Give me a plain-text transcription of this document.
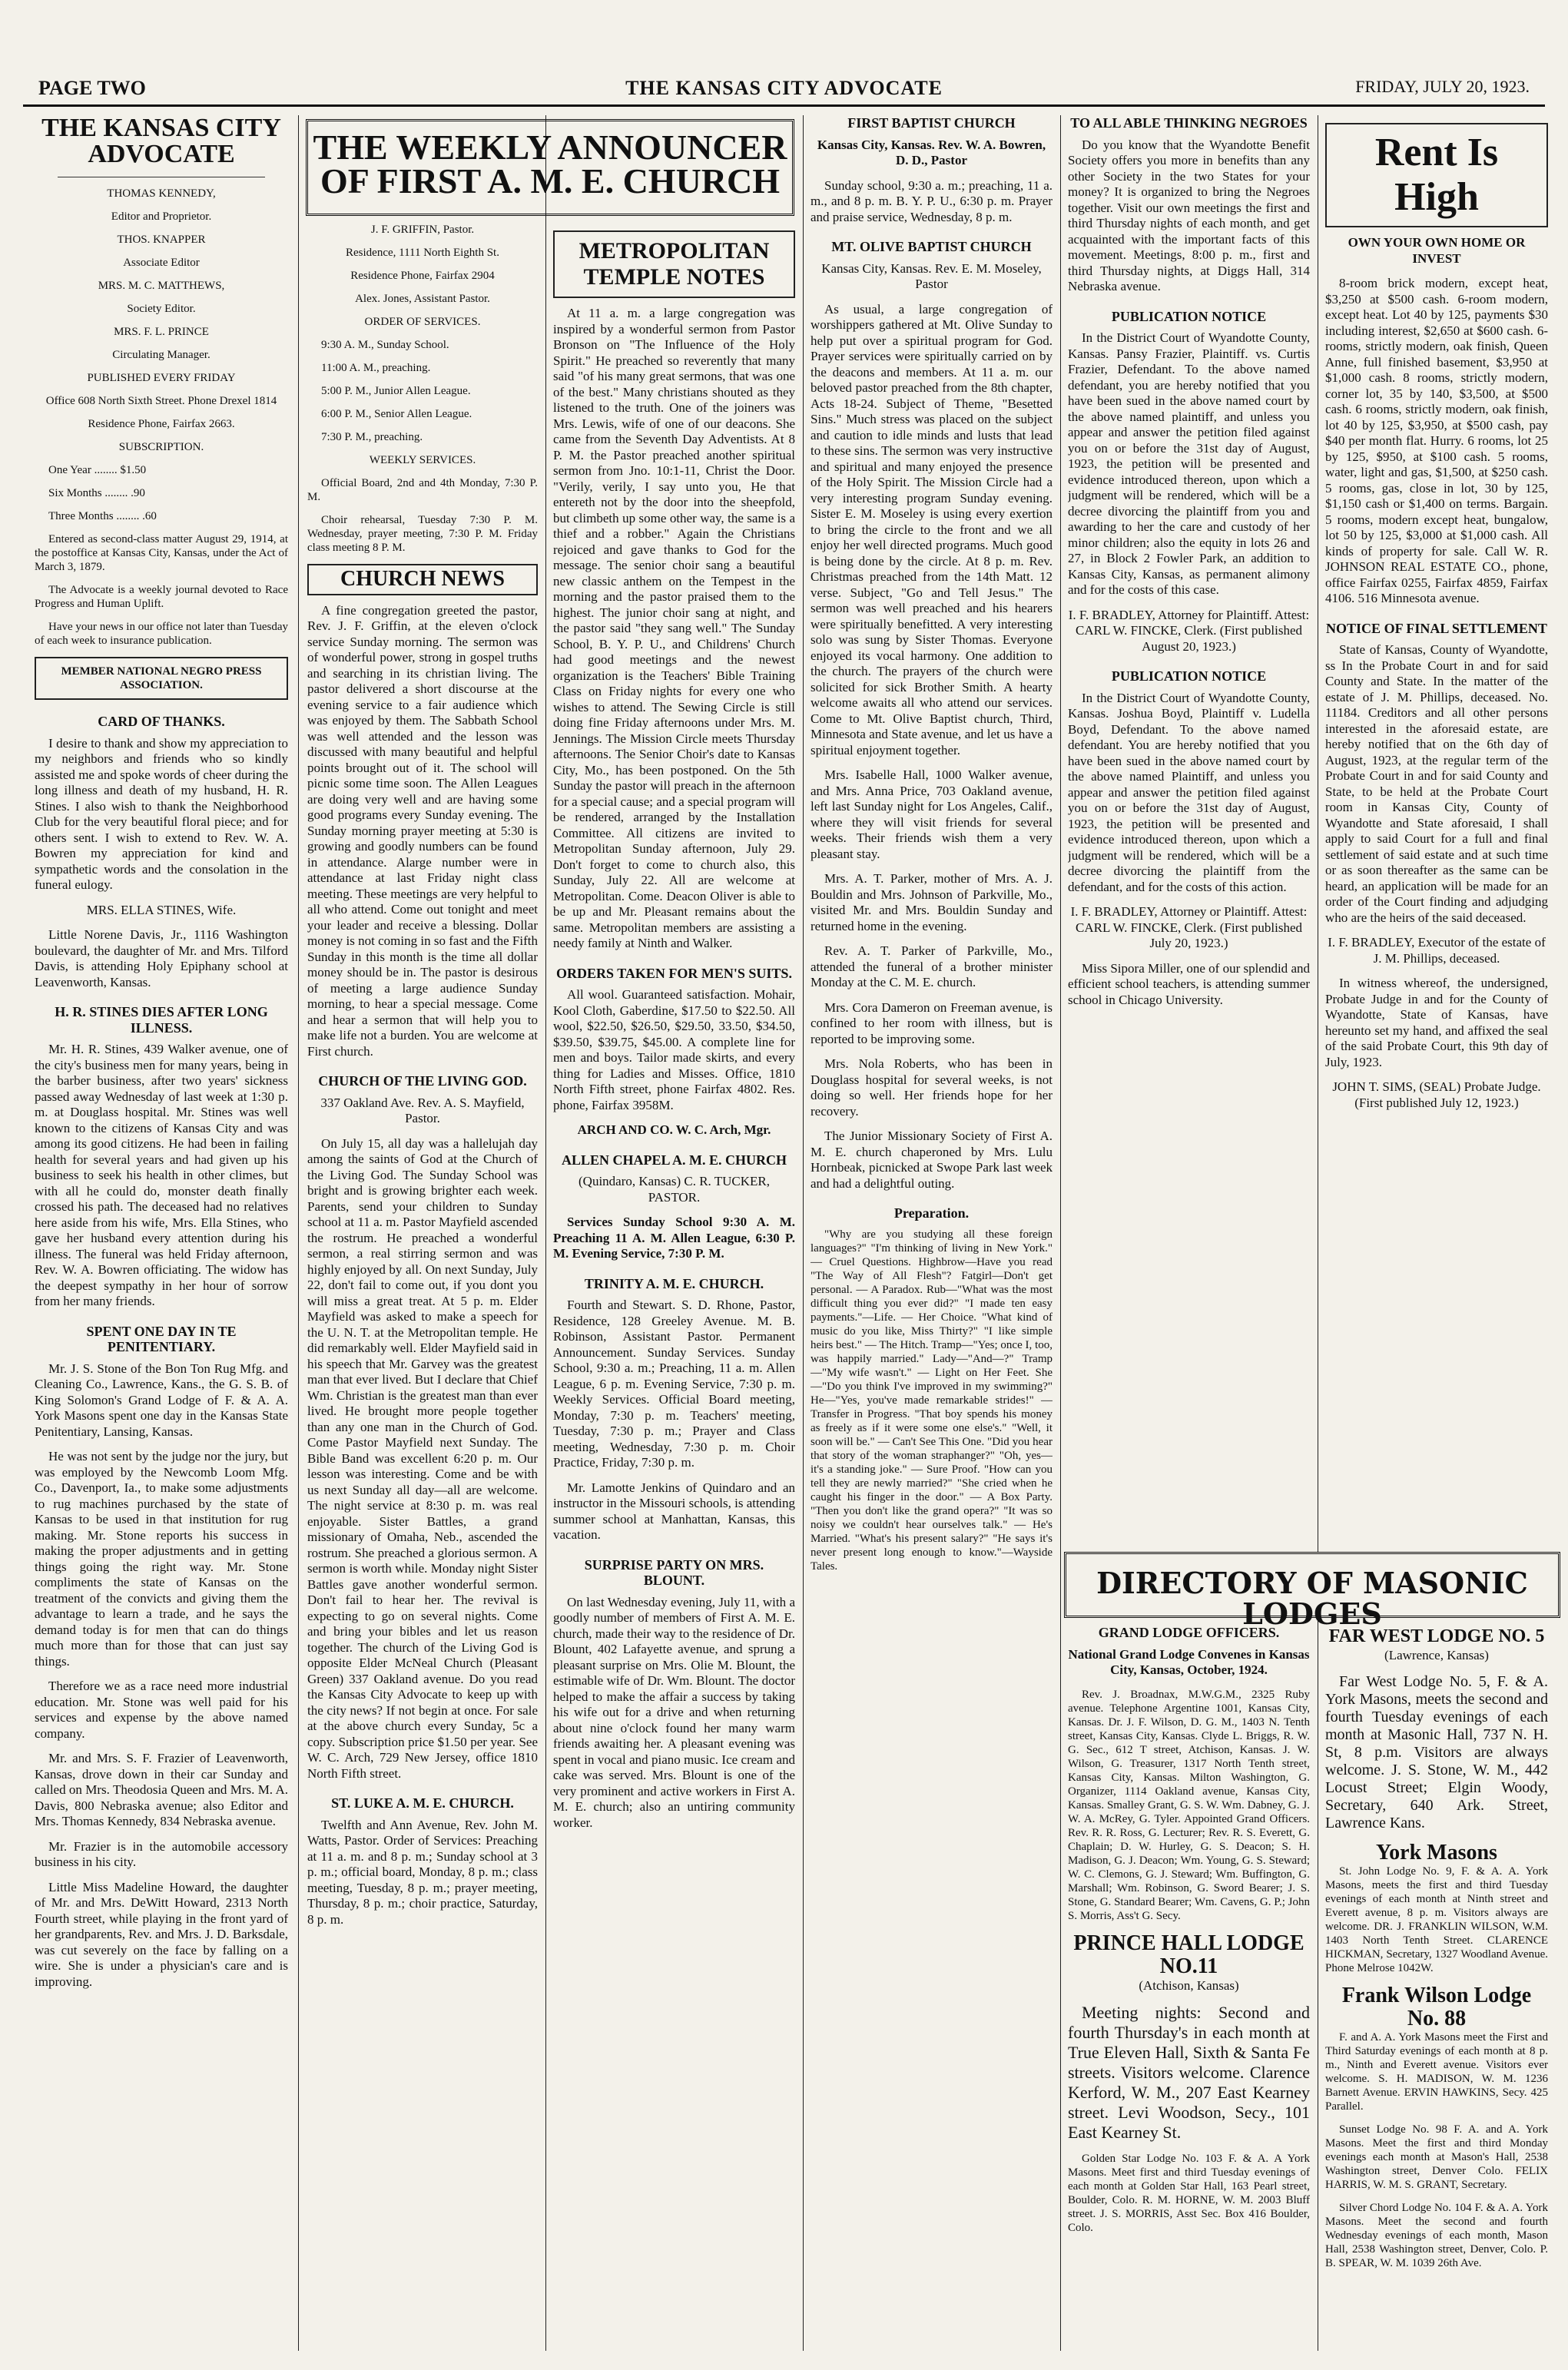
PAGE TWO	THE KANSAS CITY ADVOCATE	FRIDAY, JULY 20, 1923.
THE KANSAS CITY ADVOCATE

THOMAS KENNEDY,

Editor and Proprietor.

THOS. KNAPPER

Associate Editor

MRS. M. C. MATTHEWS,

Society Editor.

MRS. F. L. PRINCE

Circulating Manager.

PUBLISHED EVERY FRIDAY

Office 608 North Sixth Street. Phone Drexel 1814

Residence Phone, Fairfax 2663.

SUBSCRIPTION.

One Year ........ $1.50

Six Months ........ .90

Three Months ........ .60

Entered as second-class matter August 29, 1914, at the postoffice at Kansas City, Kansas, under the Act of March 3, 1879.

The Advocate is a weekly journal devoted to Race Progress and Human Uplift.

Have your news in our office not later than Tuesday of each week to insurance publication.

MEMBER NATIONAL NEGRO PRESS ASSOCIATION.
CARD OF THANKS.

I desire to thank and show my appreciation to my neighbors and friends who so kindly assisted me and spoke words of cheer during the long illness and death of my husband, H. R. Stines. I also wish to thank the Neighborhood Club for the very beautiful floral piece; and for others sent. I wish to extend to Rev. W. A. Bowren my appreciation for kind and sympathetic words and the consolation in the funeral eulogy.

MRS. ELLA STINES, Wife.

Little Norene Davis, Jr., 1116 Washington boulevard, the daughter of Mr. and Mrs. Tilford Davis, is attending Holy Epiphany school at Leavenworth, Kansas.

H. R. STINES DIES AFTER LONG ILLNESS.

Mr. H. R. Stines, 439 Walker avenue, one of the city's business men for many years, being in the barber business, after two years' sickness passed away Wednesday of last week at 1:30 p. m. at Douglass hospital. Mr. Stines was well known to the citizens of Kansas City and was among its good citizens. He had been in failing health for several years and had given up his business to seek his health in other climes, but with all he could do, monster death finally crossed his path. The deceased had no relatives here aside from his wife, Mrs. Ella Stines, who gave her husband every attention during his illness. The funeral was held Friday afternoon, Rev. W. A. Bowren officiating. The widow has the deepest sympathy in her hour of sorrow from her many friends.

SPENT ONE DAY IN TE PENITENTIARY.

Mr. J. S. Stone of the Bon Ton Rug Mfg. and Cleaning Co., Lawrence, Kans., the G. S. B. of King Solomon's Grand Lodge of F. & A. A. York Masons spent one day in the Kansas State Penitentiary, Lansing, Kansas.

He was not sent by the judge nor the jury, but was employed by the Newcomb Loom Mfg. Co., Davenport, Ia., to make some adjustments to rug machines purchased by the state of Kansas to be used in that institution for rug making. Mr. Stone reports his success in making the proper adjustments and in getting things going the right way. Mr. Stone compliments the state of Kansas on the treatment of the convicts and giving them the advantage to learn a trade, and he says the demand today is for men that can do things much more than for those that can just say things.

Therefore we as a race need more industrial education. Mr. Stone was well paid for his services and expense by the above named company.

Mr. and Mrs. S. F. Frazier of Leavenworth, Kansas, drove down in their car Sunday and called on Mrs. Theodosia Queen and Mrs. M. A. Davis, 800 Nebraska avenue; also Editor and Mrs. Thomas Kennedy, 834 Nebraska avenue.

Mr. Frazier is in the automobile accessory business in his city.

Little Miss Madeline Howard, the daughter of Mr. and Mrs. DeWitt Howard, 2313 North Fourth street, while playing in the front yard of her grandparents, Rev. and Mrs. J. D. Barksdale, was cut severely on the face by falling on a wire. She is under a physician's care and is improving.

THE WEEKLY ANNOUNCER OF FIRST A. M. E. CHURCH

J. F. GRIFFIN, Pastor.

Residence, 1111 North Eighth St.

Residence Phone, Fairfax 2904

Alex. Jones, Assistant Pastor.

ORDER OF SERVICES.

9:30 A. M., Sunday School.

11:00 A. M., preaching.

5:00 P. M., Junior Allen League.

6:00 P. M., Senior Allen League.

7:30 P. M., preaching.

WEEKLY SERVICES.

Official Board, 2nd and 4th Monday, 7:30 P. M.

Choir rehearsal, Tuesday 7:30 P. M. Wednesday, prayer meeting, 7:30 P. M. Friday class meeting 8 P. M.

CHURCH NEWS

A fine congregation greeted the pastor, Rev. J. F. Griffin, at the eleven o'clock service Sunday morning. The sermon was of wonderful power, strong in gospel truths and searching in its christian living. The pastor delivered a short discourse at the evening service to a fair audience which was enjoyed by them. The Sabbath School was well attended and the lesson was discussed with many beautiful and helpful points brought out of it. The school will picnic some time soon. The Allen Leagues are doing very well and are having some good programs every Sunday evening. The Sunday morning prayer meeting at 5:30 is growing and goodly numbers can be found in attendance. Alarge number were in attendance at last Friday night class meeting. These meetings are very helpful to all who attend. Come out tonight and meet your leader and receive a blessing. Dollar money is not coming in so fast and the Fifth Sunday in this month is the time all dollar money should be in. The pastor is desirous of meeting a large audience Sunday morning, to hear a special message. Come and hear a sermon that will help you to make life not a burden. You are welcome at First church.

CHURCH OF THE LIVING GOD.

337 Oakland Ave. Rev. A. S. Mayfield, Pastor.

On July 15, all day was a hallelujah day among the saints of God at the Church of the Living God. The Sunday School was bright and is growing brighter each week. Parents, send your children to Sunday school at 11 a. m. Pastor Mayfield ascended the rostrum. He preached a wonderful sermon, a real stirring sermon and was highly enjoyed by all. On next Sunday, July 22, don't fail to come out, if you dont you will miss a great treat. At 5 p. m. Elder Mayfield was asked to make a speech for the U. N. T. at the Metropolitan temple. He did remarkably well. Elder Mayfield said in his speech that Mr. Garvey was the greatest man that ever lived. But I declare that Chief Wm. Christian is the greatest man than ever lived. He brought more people together than any one man in the Church of God. Come Pastor Mayfield next Sunday. The Bible Band was excellent 6:20 p. m. Our lesson was interesting. Come and be with us next Sunday all day—all are welcome. The night service at 8:30 p. m. was real enjoyable. Sister Battles, a grand missionary of Omaha, Neb., ascended the rostrum. She preached a glorious sermon. A sermon is worth while. Monday night Sister Battles gave another wonderful sermon. Don't fail to hear her. The revival is expecting to go on several nights. Come and bring your bibles and let us reason together. The church of the Living God is opposite Elder McNeal Church (Pleasant Green) 337 Oakland avenue. Do you read the Kansas City Advocate to keep up with the city news? If not begin at once. For sale at the above church every Sunday, 5c a copy. Subscription price $1.50 per year. See W. C. Arch, 729 New Jersey, office 1810 North Fifth street.

ST. LUKE A. M. E. CHURCH.

Twelfth and Ann Avenue, Rev. John M. Watts, Pastor. Order of Services: Preaching at 11 a. m. and 8 p. m.; Sunday school at 3 p. m.; official board, Monday, 8 p. m.; class meeting, Tuesday, 8 p. m.; prayer meeting, Thursday, 8 p. m.; choir practice, Saturday, 8 p. m.

METROPOLITAN TEMPLE NOTES

At 11 a. m. a large congregation was inspired by a wonderful sermon from Pastor Bronson on "The Influence of the Holy Spirit." He preached so reverently that many said "of his many great sermons, that was one of the best." Many christians shouted as they listened to the truth. One of the joiners was Mrs. Lewis, wife of one of our deacons. She came from the Seventh Day Adventists. At 8 P. M. the Pastor preached another spiritual sermon from Jno. 10:1-11, Christ the Door. "Verily, verily, I say unto you, He that entereth not by the door into the sheepfold, but climbeth up some other way, the same is a thief and a robber." Again the Christians rejoiced and gave thanks to God for the message. The senior choir sang a beautiful new classic anthem on the Tempest in the morning and the pastor praised them to the highest. The junior choir sang at night, and the pastor said "they sang well." The Sunday School, B. Y. P. U., and Childrens' Church had good meetings and the newest organization is the Teachers' Bible Training Class on Friday nights for every one who wishes to attend. The Sewing Circle is still doing fine Friday afternoons under Mrs. M. Jennings. The Mission Circle meets Thursday afternoons. The Senior Choir's date to Kansas City, Mo., has been postponed. On the 5th Sunday the pastor will preach in the afternoon for a special cause; and a special program will be rendered, arranged by the Installation Committee. All citizens are invited to Metropolitan Sunday afternoon, July 29. Don't forget to come to church also, this Sunday, July 22. All are welcome at Metropolitan. Come. Deacon Oliver is able to be up and Mr. Pleasant remains about the same. Metropolitan members are assisting a needy family at Ninth and Walker.

ORDERS TAKEN FOR MEN'S SUITS.

All wool. Guaranteed satisfaction. Mohair, Kool Cloth, Gaberdine, $17.50 to $22.50. All wool, $22.50, $26.50, $29.50, 33.50, $34.50, $39.50, $39.75, $45.00. A complete line for men and boys. Tailor made skirts, and every thing for Ladies and Misses. Office, 1810 North Fifth street, phone Fairfax 4802. Res. phone, Fairfax 3958M.

ARCH AND CO. W. C. Arch, Mgr.

ALLEN CHAPEL A. M. E. CHURCH

(Quindaro, Kansas) C. R. TUCKER, PASTOR.

Services Sunday School 9:30 A. M. Preaching 11 A. M. Allen League, 6:30 P. M. Evening Service, 7:30 P. M.

TRINITY A. M. E. CHURCH.

Fourth and Stewart. S. D. Rhone, Pastor, Residence, 128 Greeley Avenue. M. B. Robinson, Assistant Pastor. Permanent Announcement. Sunday Services. Sunday School, 9:30 a. m.; Preaching, 11 a. m. Allen League, 6 p. m. Evening Service, 7:30 p. m. Weekly Services. Official Board meeting, Monday, 7:30 p. m. Teachers' meeting, Tuesday, 7:30 p. m.; Prayer and Class meeting, Wednesday, 7:30 p. m. Choir Practice, Friday, 7:30 p. m.

Mr. Lamotte Jenkins of Quindaro and an instructor in the Missouri schools, is attending summer school at Manhattan, Kansas, this vacation.

SURPRISE PARTY ON MRS. BLOUNT.

On last Wednesday evening, July 11, with a goodly number of members of First A. M. E. church, made their way to the residence of Dr. Blount, 402 Lafayette avenue, and sprung a pleasant surprise on Mrs. Olie M. Blount, the estimable wife of Dr. Wm. Blount. The doctor helped to make the affair a success by taking his wife out for a drive and when returning about nine o'clock found her many warm friends awaiting her. A pleasant evening was spent in vocal and piano music. Ice cream and cake was served. Mrs. Blount is one of the very prominent and active workers in First A. M. E. church; also an untiring community worker.

FIRST BAPTIST CHURCH

Kansas City, Kansas. Rev. W. A. Bowren, D. D., Pastor

Sunday school, 9:30 a. m.; preaching, 11 a. m., and 8 p. m. B. Y. P. U., 6:30 p. m. Prayer and praise service, Wednesday, 8 p. m.

MT. OLIVE BAPTIST CHURCH

Kansas City, Kansas. Rev. E. M. Moseley, Pastor

As usual, a large congregation of worshippers gathered at Mt. Olive Sunday to help put over a spiritual program for God. Prayer services were spiritually carried on by the deacons and members. At 11 a. m. our beloved pastor preached from the 8th chapter, Acts 18-24. Subject of Theme, "Besetted Sins." Much stress was placed on the subject and caution to idle minds and lusts that lead to these sins. The sermon was very instructive and spiritual and many enjoyed the presence of the Holy Spirit. The Mission Circle had a very interesting program Sunday evening. Sister E. M. Moseley is using every exertion to bring the circle to the front and we all enjoy her well directed programs. Much good is being done by the circle. At 8 p. m. Rev. Christmas preached from the 14th Matt. 12 verse. Subject, "Go and Tell Jesus." The sermon was well preached and his hearers were spiritually benefitted. A very interesting solo was sung by Sister Thomas. Everyone enjoyed its vocal harmony. One addition to the church. The prayers of the church were solicited for sick Brother Smith. A hearty welcome awaits all who attend our services. Come to Mt. Olive Baptist church, Third, Minnesota and State avenue, and let us have a spiritual enjoyment together.

Mrs. Isabelle Hall, 1000 Walker avenue, and Mrs. Anna Price, 703 Oakland avenue, left last Sunday night for Los Angeles, Calif., where they will visit friends for several weeks. Their friends wish them a very pleasant stay.

Mrs. A. T. Parker, mother of Mrs. A. J. Bouldin and Mrs. Johnson of Parkville, Mo., visited Mr. and Mrs. Bouldin Sunday and returned home in the evening.

Rev. A. T. Parker of Parkville, Mo., attended the funeral of a brother minister Monday at the C. M. E. church.

Mrs. Cora Dameron on Freeman avenue, is confined to her room with illness, but is reported to be improving some.

Mrs. Nola Roberts, who has been in Douglass hospital for several weeks, is not doing so well. Her friends hope for her recovery.

The Junior Missionary Society of First A. M. E. church chaperoned by Mrs. Lulu Hornbeak, picnicked at Swope Park last week and had a delightful outing.

Preparation.

"Why are you studying all these foreign languages?" "I'm thinking of living in New York." — Cruel Questions. Highbrow—Have you read "The Way of All Flesh"? Fatgirl—Don't get personal. — A Paradox. Rub—"What was the most difficult thing you ever did?" "I made ten easy payments."—Life. — Her Choice. "What kind of music do you like, Miss Thirty?" "I like simple heirs best." — The Hitch. Tramp—"Yes; once I, too, was happily married." Lady—"And—?" Tramp—"My wife wasn't." — Light on Her Feet. She—"Do you think I've improved in my swimming?" He—"Yes, you've made remarkable strides!" — Transfer in Progress. "That boy spends his money as freely as if it were some one else's." "Well, it soon will be." — Can't See This One. "Did you hear that story of the woman straphanger?" "Oh, yes—it's a standing joke." — Sure Proof. "How can you tell they are newly married?" "She cried when he caught his finger in the door." — A Box Party. "Then you don't like the grand opera?" "It was so noisy we couldn't hear ourselves talk." — He's Married. "What's his present salary?" "He says it's never present long enough to know."—Wayside Tales.

TO ALL ABLE THINKING NEGROES

Do you know that the Wyandotte Benefit Society offers you more in benefits than any other Society in the two States for your money? It is organized to bring the Negroes together. Visit our own meetings the first and third Thursday nights of each month, and get acquainted with the important facts of this movement. Meetings, 8:00 p. m., first and third Thursday nights, at Diggs Hall, 314 Nebraska avenue.

PUBLICATION NOTICE

In the District Court of Wyandotte County, Kansas. Pansy Frazier, Plaintiff. vs. Curtis Frazier, Defendant. To the above named defendant, you are hereby notified that you have been sued in the above named court by the above named plaintiff, and unless you appear and answer the petition filed against you on or before the 31st day of August, 1923, the petition will be presented and evidence introduced thereon, upon which a judgment will be rendered, which will be a decree divorcing the plaintiff from you and awarding to her the care and custody of her minor children; also the equity in lots 26 and 27, in Block 2 Fowler Park, an addition to Kansas City, Kansas, as permanent alimony and for the costs of this case.

I. F. BRADLEY, Attorney for Plaintiff. Attest: CARL W. FINCKE, Clerk. (First published August 20, 1923.)

PUBLICATION NOTICE

In the District Court of Wyandotte County, Kansas. Joshua Boyd, Plaintiff v. Ludella Boyd, Defendant. To the above named defendant. You are hereby notified that you have been sued in the above named court by the above named Plaintiff, and unless you appear and answer the petition filed against you on or before the 31st day of August, 1923, the petition will be presented and evidence introduced thereon, upon which a judgment will be rendered, which will be a decree divorcing the plaintiff from the defendant, and for the costs of this action.

I. F. BRADLEY, Attorney or Plaintiff. Attest: CARL W. FINCKE, Clerk. (First published July 20, 1923.)

Miss Sipora Miller, one of our splendid and efficient school teachers, is attending summer school in Chicago University.

Rent Is High

OWN YOUR OWN HOME OR INVEST

8-room brick modern, except heat, $3,250 at $500 cash. 6-room modern, except heat. Lot 40 by 125, payments $30 including interest, $2,650 at $600 cash. 6-rooms, strictly modern, oak finish, Queen Anne, full finished basement, $3,950 at $1,000 cash. 8 rooms, strictly modern, corner lot, 35 by 140, $3,500, at $500 cash. 6 rooms, strictly modern, oak finish, lot 40 by 125, $3,950, at $500 cash, pay $40 per month flat. Hurry. 6 rooms, lot 25 by 125, $950, at $100 cash. 5 rooms, water, light and gas, $1,500, at $250 cash. 5 rooms, gas, close in lot, 30 by 125, $1,150 cash or $1,400 on terms. Bargain. 5 rooms, modern except heat, bungalow, lot 50 by 125, $3,000 at $1,000 cash. All kinds of property for sale. Call W. R. JOHNSON REAL ESTATE CO., phone, office Fairfax 0255, Fairfax 4859, Fairfax 4106. 516 Minnesota avenue.

NOTICE OF FINAL SETTLEMENT

State of Kansas, County of Wyandotte, ss In the Probate Court in and for said County and State. In the matter of the estate of J. M. Phillips, deceased. No. 11184. Creditors and all other persons interested in the aforesaid estate, are hereby notified that on the 6th day of August, 1923, at the regular term of the Probate Court in and for said County and State, to be held at the Probate Court room in Kansas City, County of Wyandotte and State aforesaid, I shall apply to said Court for a full and final settlement of said estate and at such time or as soon thereafter as the same can be heard, an application will be made for an order of the Court finding and adjudging who are the heirs of the said deceased.

I. F. BRADLEY, Executor of the estate of J. M. Phillips, deceased.

In witness whereof, the undersigned, Probate Judge in and for the County of Wyandotte, State of Kansas, have hereunto set my hand, and affixed the seal of the said Probate Court, this 9th day of July, 1923.

JOHN T. SIMS, (SEAL) Probate Judge. (First published July 12, 1923.)

DIRECTORY OF MASONIC LODGES
GRAND LODGE OFFICERS.

National Grand Lodge Convenes in Kansas City, Kansas, October, 1924.

Rev. J. Broadnax, M.W.G.M., 2325 Ruby avenue. Telephone Argentine 1001, Kansas City, Kansas. Dr. J. F. Wilson, D. G. M., 1403 N. Tenth street, Kansas City, Kansas. Clyde L. Briggs, R. W. G. Sec., 612 T street, Atchison, Kansas. J. W. Wilson, G. Treasurer, 1317 North Tenth street, Kansas City, Kansas. Milton Washington, G. Organizer, 1114 Oakland avenue, Kansas City, Kansas. Smalley Grant, G. S. W. Wm. Dabney, G. J. W. A. McRey, G. Tyler. Appointed Grand Officers. Rev. R. R. Ross, G. Lecturer; Rev. R. S. Everett, G. Chaplain; D. W. Hurley, G. S. Deacon; S. H. Madison, G. J. Deacon; Wm. Young, G. S. Steward; W. C. Clemons, G. J. Steward; Wm. Buffington, G. Marshall; Wm. Robinson, G. Sword Bearer; J. S. Stone, G. Standard Bearer; Wm. Cavens, G. P.; John S. Morris, Ass't G. Secy.

PRINCE HALL LODGE NO.11

(Atchison, Kansas)

Meeting nights: Second and fourth Thursday's in each month at True Eleven Hall, Sixth & Santa Fe streets. Visitors welcome. Clarence Kerford, W. M., 207 East Kearney street. Levi Woodson, Secy., 101 East Kearney St.

Golden Star Lodge No. 103 F. & A. A York Masons. Meet first and third Tuesday evenings of each month at Golden Star Hall, 163 Pearl street, Boulder, Colo. R. M. HORNE, W. M. 2003 Bluff street. J. S. MORRIS, Asst Sec. Box 416 Boulder, Colo.

FAR WEST LODGE NO. 5

(Lawrence, Kansas)

Far West Lodge No. 5, F. & A. York Masons, meets the second and fourth Tuesday evenings of each month at Masonic Hall, 737 N. H. St, 8 p.m. Visitors are always welcome. J. S. Stone, W. M., 442 Locust Street; Elgin Woody, Secretary, 640 Ark. Street, Lawrence Kans.

York Masons

St. John Lodge No. 9, F. & A. A. York Masons, meets the first and third Tuesday evenings of each month at Ninth street and Everett avenue, 8 p. m. Visitors always are welcome. DR. J. FRANKLIN WILSON, W.M. 1403 North Tenth Street. CLARENCE HICKMAN, Secretary, 1327 Woodland Avenue. Phone Melrose 1042W.

Frank Wilson Lodge No. 88

F. and A. A. York Masons meet the First and Third Saturday evenings of each month at 8 p. m., Ninth and Everett avenue. Visitors ever welcome. S. H. MADISON, W. M. 1236 Barnett Avenue. ERVIN HAWKINS, Secy. 425 Parallel.

Sunset Lodge No. 98 F. A. and A. York Masons. Meet the first and third Monday evenings each month at Mason's Hall, 2538 Washington street, Denver Colo. FELIX HARRIS, W. M. S. GRANT, Secretary.

Silver Chord Lodge No. 104 F. & A. A. York Masons. Meet the second and fourth Wednesday evenings of each month, Mason Hall, 2538 Washington street, Denver, Colo. P. B. SPEAR, W. M. 1039 26th Ave.
